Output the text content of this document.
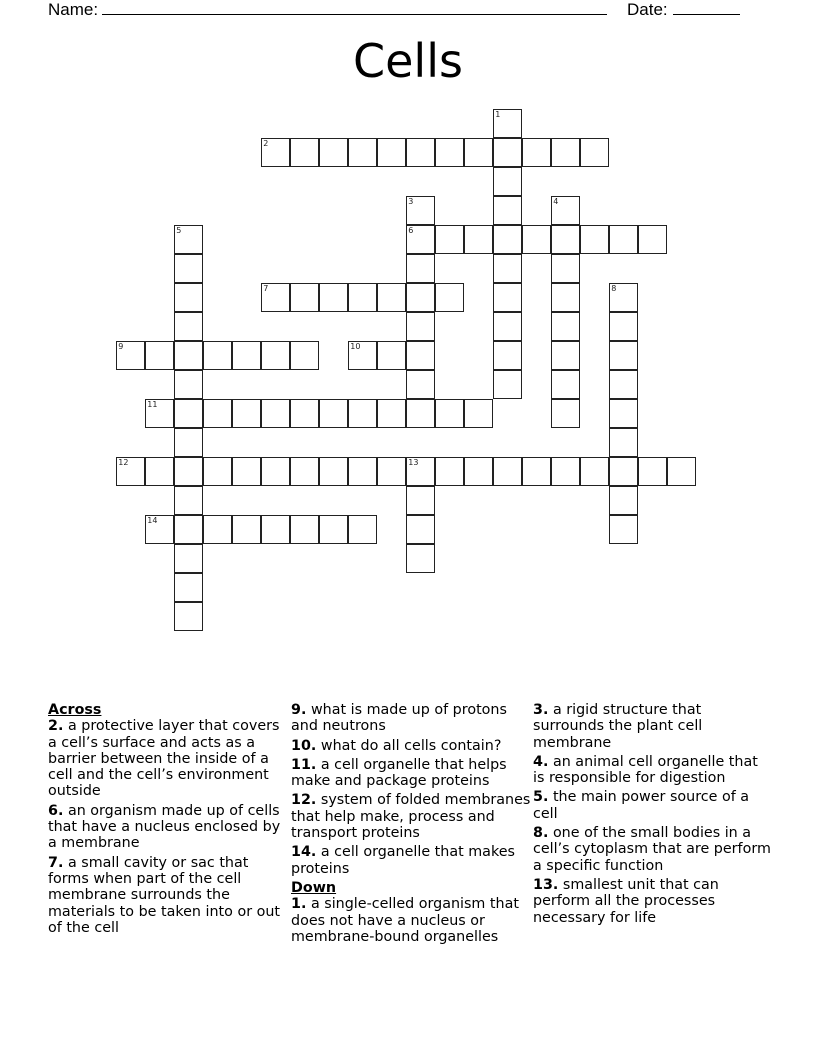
Name:	Date:
Cells
1
2
3
6
4
5
7	8
9	10
11
12	13
14
Across
2. a protective layer that covers a cell’s surface and acts as a barrier between the inside of a cell and the cell’s environment outside
6. an organism made up of cells that have a nucleus enclosed by a membrane
7. a small cavity or sac that forms when part of the cell membrane surrounds the materials to be taken into or out of the cell
9. what is made up of protons and neutrons
10. what do all cells contain?
11. a cell organelle that helps make and package proteins
12. system of folded membranes that help make, process and transport proteins
14. a cell organelle that makes proteins
Down
1. a single-celled organism that does not have a nucleus or membrane-bound organelles
3. a rigid structure that surrounds the plant cell membrane
4. an animal cell organelle that is responsible for digestion
5. the main power source of a cell
8. one of the small bodies in a cell’s cytoplasm that are perform a specific function
13. smallest unit that can perform all the processes necessary for life
